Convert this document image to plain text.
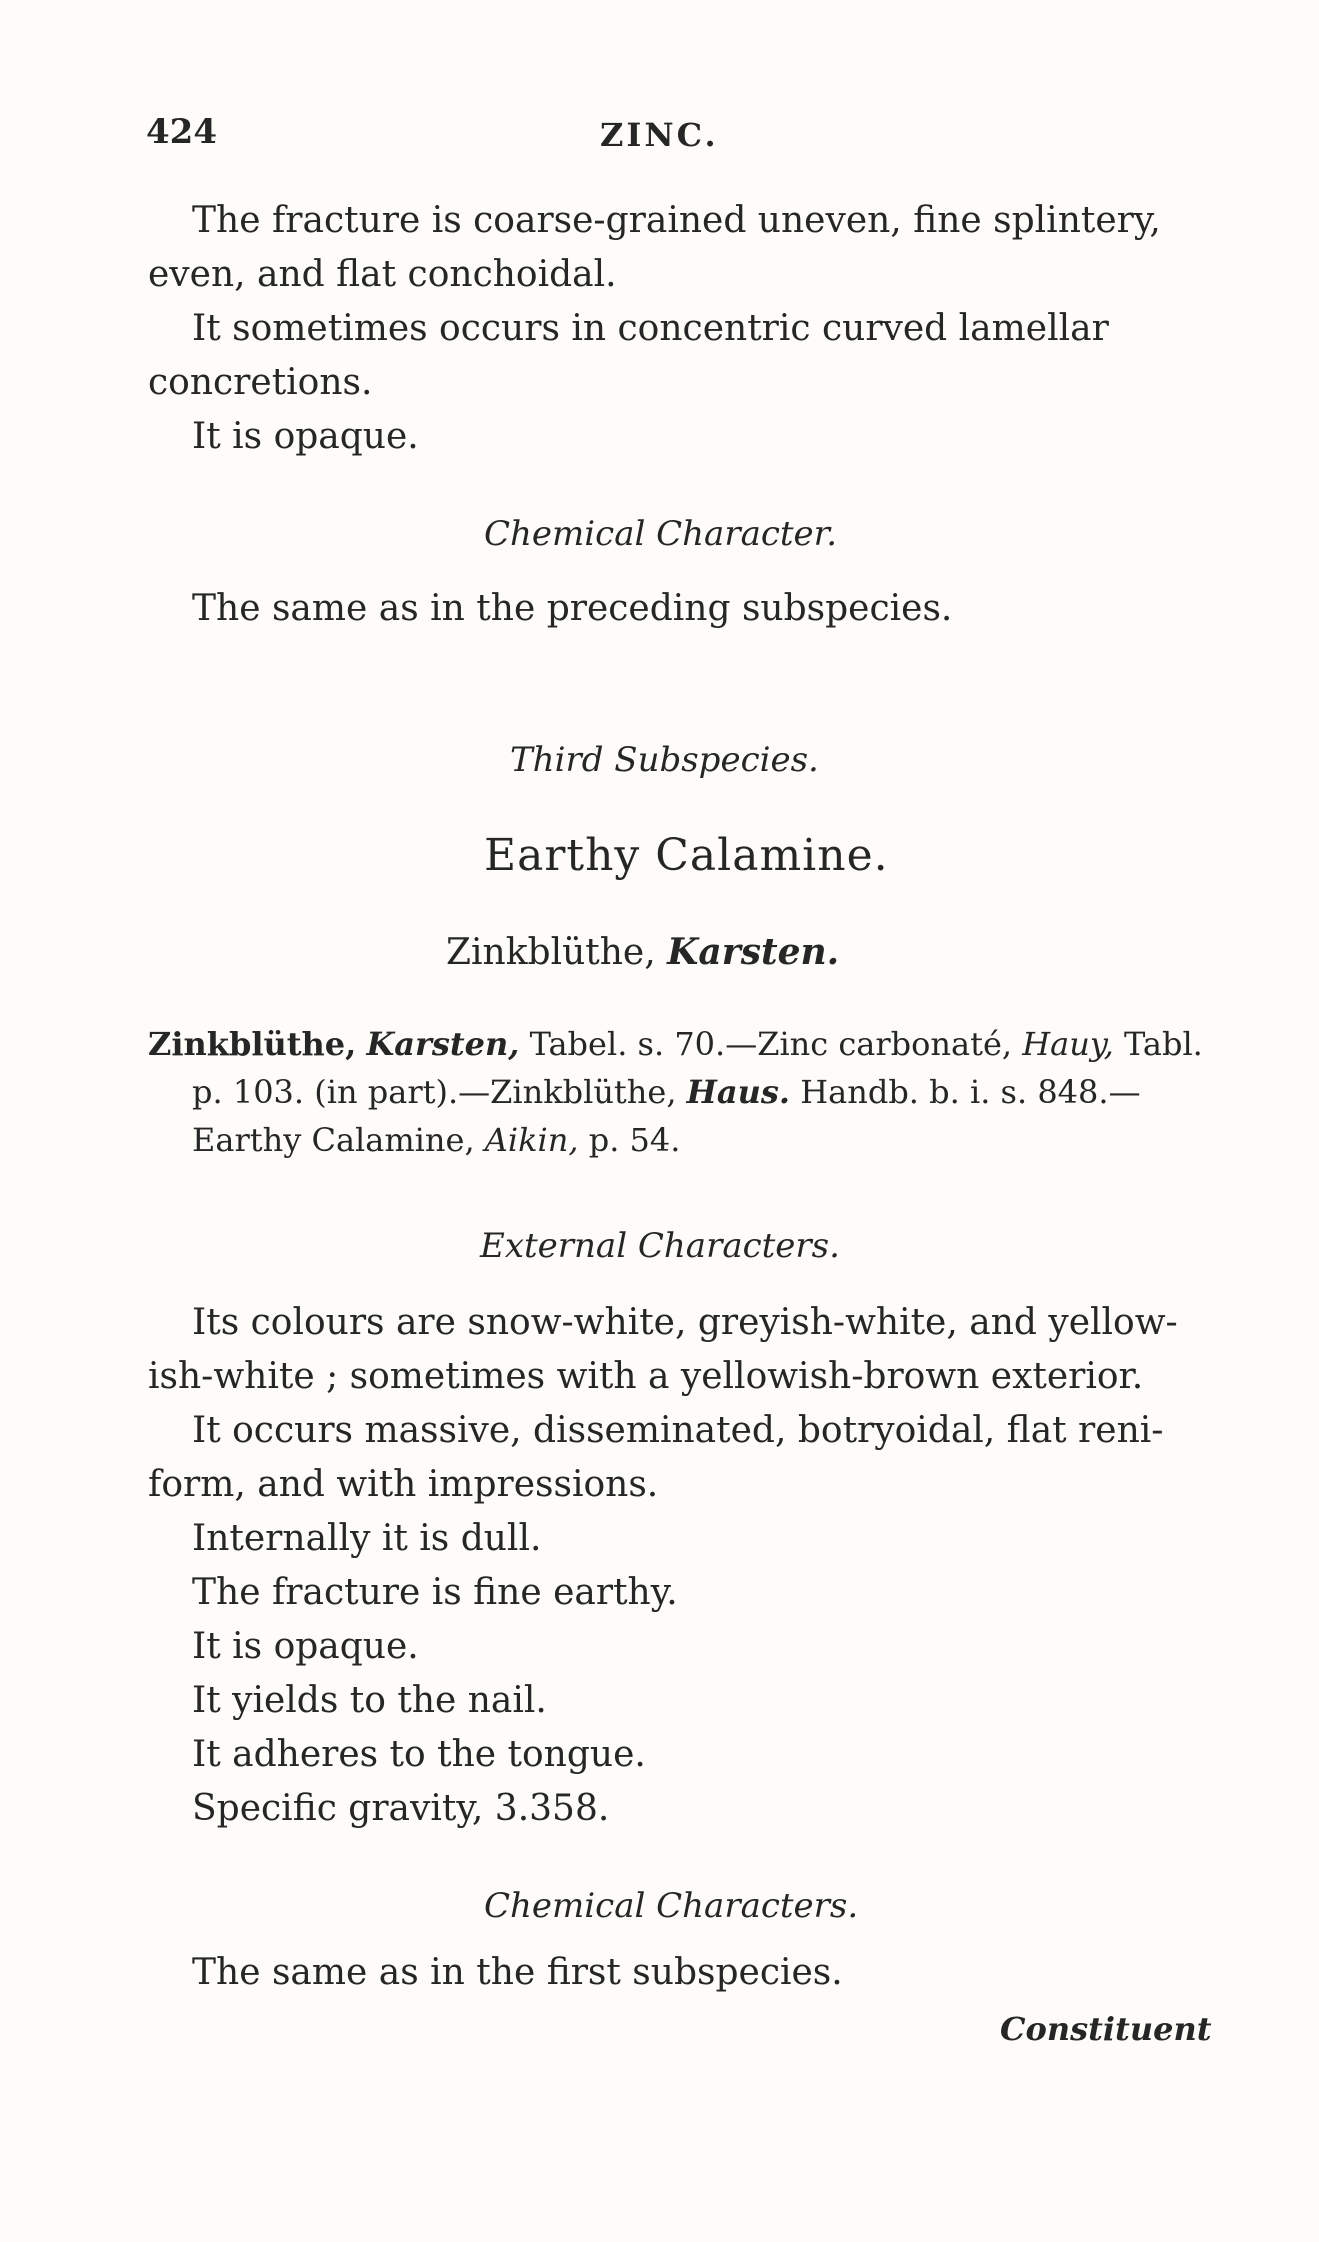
424	ZINC.
The fracture is coarse-grained uneven, fine splintery,
even, and flat conchoidal.
It sometimes occurs in concentric curved lamellar
concretions.
It is opaque.
Chemical Character.
The same as in the preceding subspecies.
Third Subspecies.
Earthy Calamine.
Zinkblüthe, Karsten.
Zinkblüthe, Karsten, Tabel. s. 70.—Zinc carbonaté, Hauy, Tabl.
p. 103. (in part).—Zinkblüthe, Haus. Handb. b. i. s. 848.—
Earthy Calamine, Aikin, p. 54.
External Characters.
Its colours are snow-white, greyish-white, and yellow-
ish-white ; sometimes with a yellowish-brown exterior.
It occurs massive, disseminated, botryoidal, flat reni-
form, and with impressions.
Internally it is dull.
The fracture is fine earthy.
It is opaque.
It yields to the nail.
It adheres to the tongue.
Specific gravity, 3.358.
Chemical Characters.
The same as in the first subspecies.
Constituent
